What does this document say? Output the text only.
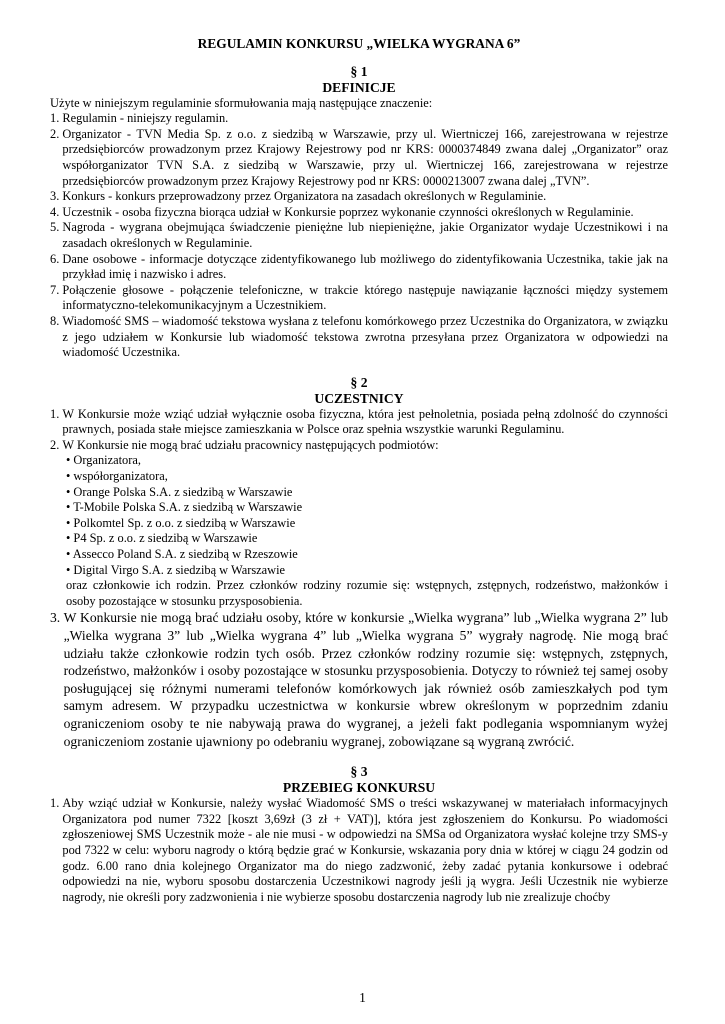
REGULAMIN KONKURSU „WIELKA WYGRANA 6”
§ 1
DEFINICJE

Użyte w niniejszym regulaminie sformułowania mają następujące znaczenie:

1. Regulamin - niniejszy regulamin.
2. Organizator - TVN Media Sp. z o.o. z siedzibą w Warszawie, przy ul. Wiertniczej 166, zarejestrowana w rejestrze przedsiębiorców prowadzonym przez Krajowy Rejestrowy pod nr KRS: 0000374849 zwana dalej „Organizator” oraz współorganizator TVN S.A. z siedzibą w Warszawie, przy ul. Wiertniczej 166, zarejestrowana w rejestrze przedsiębiorców prowadzonym przez Krajowy Rejestrowy pod nr KRS: 0000213007 zwana dalej „TVN”.
3. Konkurs - konkurs przeprowadzony przez Organizatora na zasadach określonych w Regulaminie.
4. Uczestnik - osoba fizyczna biorąca udział w Konkursie poprzez wykonanie czynności określonych w Regulaminie.
5. Nagroda - wygrana obejmująca świadczenie pieniężne lub niepieniężne, jakie Organizator wydaje Uczestnikowi i na zasadach określonych w Regulaminie.
6. Dane osobowe - informacje dotyczące zidentyfikowanego lub możliwego do zidentyfikowania Uczestnika, takie jak na przykład imię i nazwisko i adres.
7. Połączenie głosowe - połączenie telefoniczne, w trakcie którego następuje nawiązanie łączności między systemem informatyczno-telekomunikacyjnym a Uczestnikiem.
8. Wiadomość SMS – wiadomość tekstowa wysłana z telefonu komórkowego przez Uczestnika do Organizatora, w związku z jego udziałem w Konkursie lub wiadomość tekstowa zwrotna przesyłana przez Organizatora w odpowiedzi na wiadomość Uczestnika.
§ 2
UCZESTNICY
1. W Konkursie może wziąć udział wyłącznie osoba fizyczna, która jest pełnoletnia, posiada pełną zdolność do czynności prawnych, posiada stałe miejsce zamieszkania w Polsce oraz spełnia wszystkie warunki Regulaminu.
2. W Konkursie nie mogą brać udziału pracownicy następujących podmiotów:
• Organizatora,
• współorganizatora,
• Orange Polska S.A. z siedzibą w Warszawie
• T-Mobile Polska S.A. z siedzibą w Warszawie
• Polkomtel Sp. z o.o. z siedzibą w Warszawie
• P4 Sp. z o.o. z siedzibą w Warszawie
• Assecco Poland S.A. z siedzibą w Rzeszowie
• Digital Virgo S.A. z siedzibą w Warszawie
oraz członkowie ich rodzin. Przez członków rodziny rozumie się: wstępnych, zstępnych, rodzeństwo, małżonków i osoby pozostające w stosunku przysposobienia.
3. W Konkursie nie mogą brać udziału osoby, które w konkursie „Wielka wygrana” lub „Wielka wygrana 2” lub „Wielka wygrana 3” lub „Wielka wygrana 4” lub „Wielka wygrana 5” wygrały nagrodę. Nie mogą brać udziału także członkowie rodzin tych osób. Przez członków rodziny rozumie się: wstępnych, zstępnych, rodzeństwo, małżonków i osoby pozostające w stosunku przysposobienia. Dotyczy to również tej samej osoby posługującej się różnymi numerami telefonów komórkowych jak również osób zamieszkałych pod tym samym adresem. W przypadku uczestnictwa w konkursie wbrew określonym w poprzednim zdaniu ograniczeniom osoby te nie nabywają prawa do wygranej, a jeżeli fakt podlegania wspomnianym wyżej ograniczeniom zostanie ujawniony po odebraniu wygranej, zobowiązane są wygraną zwrócić.
§ 3
PRZEBIEG KONKURSU
1. Aby wziąć udział w Konkursie, należy wysłać Wiadomość SMS o treści wskazywanej w materiałach informacyjnych Organizatora pod numer 7322 [koszt 3,69zł (3 zł + VAT)], która jest zgłoszeniem do Konkursu. Po wiadomości zgłoszeniowej SMS Uczestnik może - ale nie musi - w odpowiedzi na SMSa od Organizatora wysłać kolejne trzy SMS-y pod 7322 w celu: wyboru nagrody o którą będzie grać w Konkursie, wskazania pory dnia w której w ciągu 24 godzin od godz. 6.00 rano dnia kolejnego Organizator ma do niego zadzwonić, żeby zadać pytania konkursowe i odebrać odpowiedzi na nie, wyboru sposobu dostarczenia Uczestnikowi nagrody jeśli ją wygra. Jeśli Uczestnik nie wybierze nagrody, nie określi pory zadzwonienia i nie wybierze sposobu dostarczenia nagrody lub nie zrealizuje choćby
1
